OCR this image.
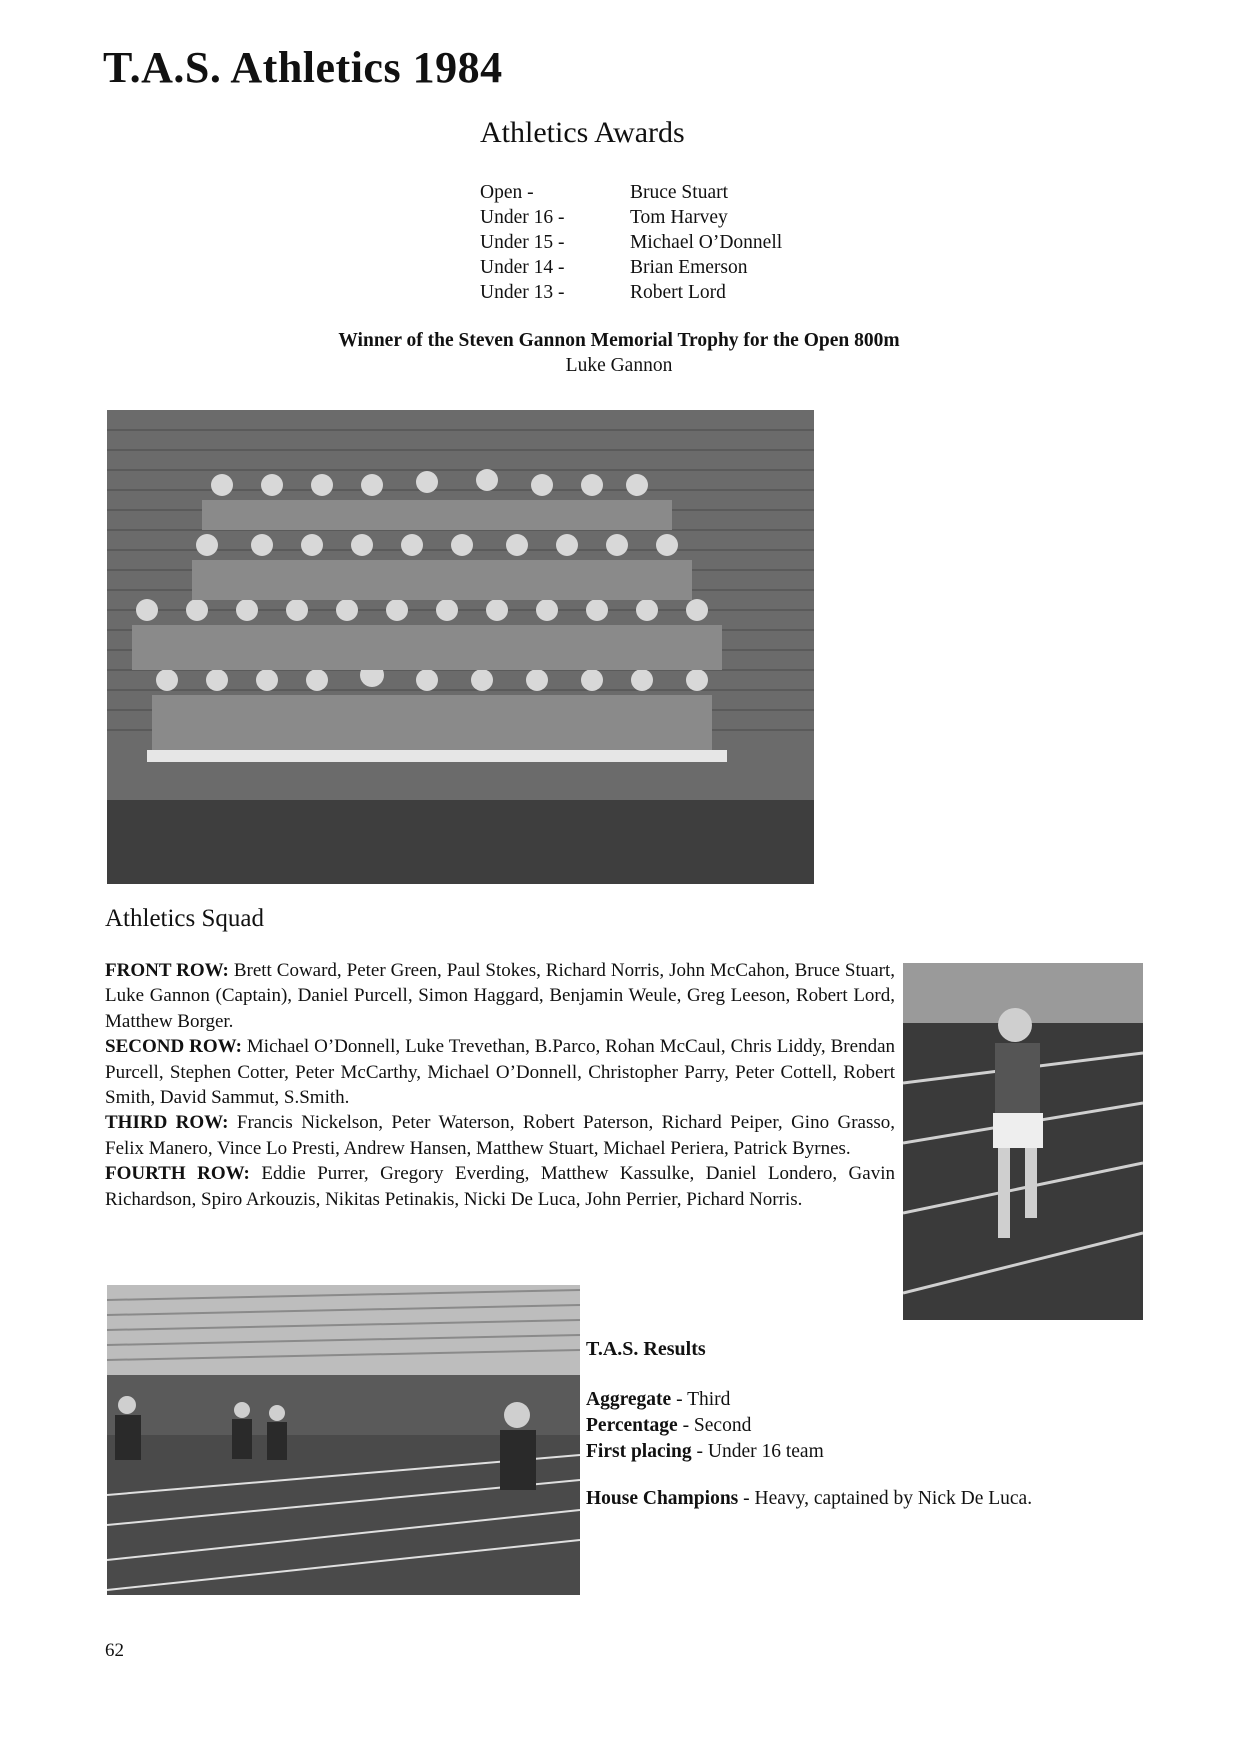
T.A.S. Athletics 1984
Athletics Awards
Open -	Bruce Stuart
Under 16 -	Tom Harvey
Under 15 -	Michael O’Donnell
Under 14 -	Brian Emerson
Under 13 -	Robert Lord
Winner of the Steven Gannon Memorial Trophy for the Open 800m
Luke Gannon
Athletics Squad

FRONT ROW: Brett Coward, Peter Green, Paul Stokes, Richard Norris, John McCahon, Bruce Stuart, Luke Gannon (Captain), Daniel Purcell, Simon Haggard, Benjamin Weule, Greg Leeson, Robert Lord, Matthew Borger.

SECOND ROW: Michael O’Donnell, Luke Trevethan, B.Parco, Rohan McCaul, Chris Liddy, Brendan Purcell, Stephen Cotter, Peter McCarthy, Michael O’Donnell, Christopher Parry, Peter Cottell, Robert Smith, David Sammut, S.Smith.

THIRD ROW: Francis Nickelson, Peter Waterson, Robert Paterson, Richard Peiper, Gino Grasso, Felix Manero, Vince Lo Presti, Andrew Hansen, Matthew Stuart, Michael Periera, Patrick Byrnes.

FOURTH ROW: Eddie Purrer, Gregory Everding, Matthew Kassulke, Daniel Londero, Gavin Richardson, Spiro Arkouzis, Nikitas Petinakis, Nicki De Luca, John Perrier, Pichard Norris.

T.A.S. Results
Aggregate - Third
Percentage - Second
First placing - Under 16 team
House Champions - Heavy, captained by Nick De Luca.
62
